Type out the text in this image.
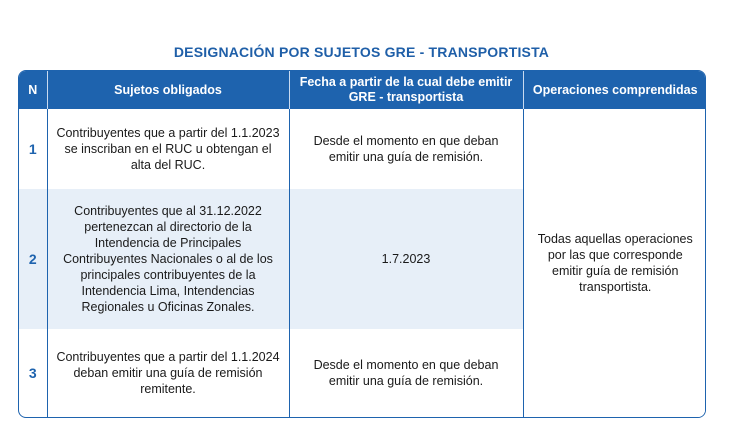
DESIGNACIÓN POR SUJETOS GRE - TRANSPORTISTA
N	Sujetos obligados	Fecha a partir de la cual debe emitir GRE - transportista	Operaciones comprendidas
1	Contribuyentes que a partir del 1.1.2023 se inscriban en el RUC u obtengan el alta del RUC.	Desde el momento en que deban emitir una guía de remisión.	Todas aquellas operaciones por las que corresponde emitir guía de remisión transportista.
2	Contribuyentes que al 31.12.2022 pertenezcan al directorio de la Intendencia de Principales Contribuyentes Nacionales o al de los principales contribuyentes de la Intendencia Lima, Intendencias Regionales u Oficinas Zonales.	1.7.2023	
3	Contribuyentes que a partir del 1.1.2024 deban emitir una guía de remisión remitente.	Desde el momento en que deban emitir una guía de remisión.	
